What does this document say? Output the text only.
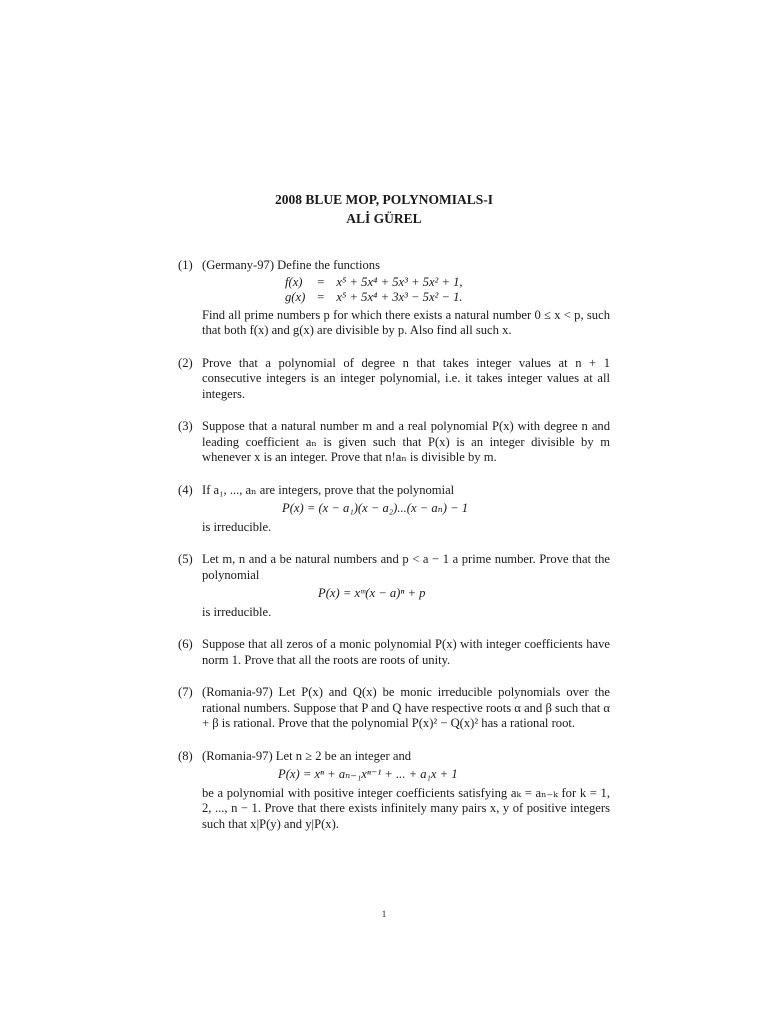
2008 BLUE MOP, POLYNOMIALS-I
ALİ GÜREL
(1) (Germany-97) Define the functions

f(x)	=	x⁵ + 5x⁴ + 5x³ + 5x² + 1,
g(x)	=	x⁵ + 5x⁴ + 3x³ − 5x² − 1.

Find all prime numbers p for which there exists a natural number 0 ≤ x < p, such that both f(x) and g(x) are divisible by p. Also find all such x.

(2) Prove that a polynomial of degree n that takes integer values at n + 1 consecutive integers is an integer polynomial, i.e. it takes integer values at all integers.

(3) Suppose that a natural number m and a real polynomial P(x) with degree n and leading coefficient aₙ is given such that P(x) is an integer divisible by m whenever x is an integer. Prove that n!aₙ is divisible by m.

(4) If a₁, ..., aₙ are integers, prove that the polynomial

P(x) = (x − a₁)(x − a₂)...(x − aₙ) − 1

is irreducible.

(5) Let m, n and a be natural numbers and p < a − 1 a prime number. Prove that the polynomial

P(x) = xᵐ(x − a)ⁿ + p

is irreducible.

(6) Suppose that all zeros of a monic polynomial P(x) with integer coefficients have norm 1. Prove that all the roots are roots of unity.

(7) (Romania-97) Let P(x) and Q(x) be monic irreducible polynomials over the rational numbers. Suppose that P and Q have respective roots α and β such that α + β is rational. Prove that the polynomial P(x)² − Q(x)² has a rational root.

(8) (Romania-97) Let n ≥ 2 be an integer and

P(x) = xⁿ + aₙ₋₁xⁿ⁻¹ + ... + a₁x + 1

be a polynomial with positive integer coefficients satisfying aₖ = aₙ₋ₖ for k = 1, 2, ..., n − 1. Prove that there exists infinitely many pairs x, y of positive integers such that x|P(y) and y|P(x).

1
